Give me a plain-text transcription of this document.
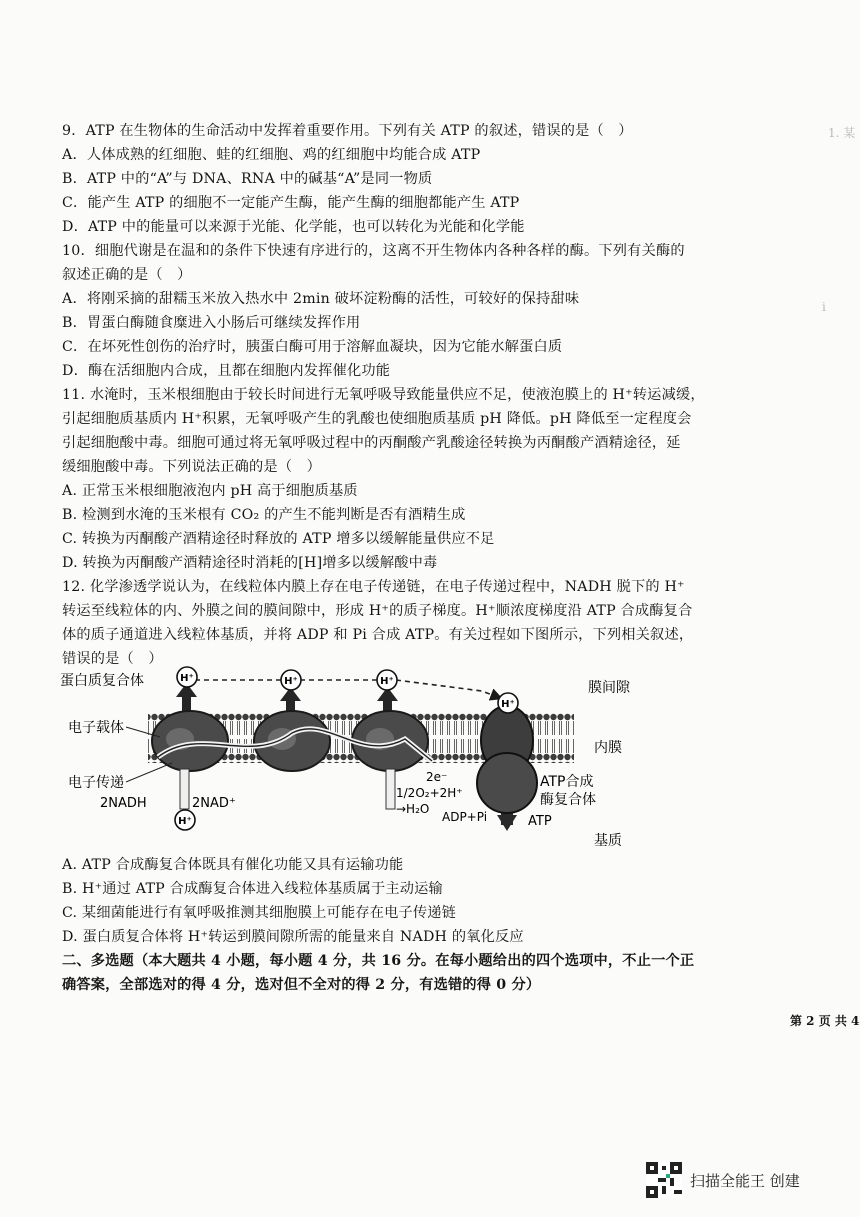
1. 某
ⅰ
9．ATP 在生物体的生命活动中发挥着重要作用。下列有关 ATP 的叙述，错误的是（　）
A．人体成熟的红细胞、蛙的红细胞、鸡的红细胞中均能合成 ATP
B．ATP 中的“A”与 DNA、RNA 中的碱基“A”是同一物质
C．能产生 ATP 的细胞不一定能产生酶，能产生酶的细胞都能产生 ATP
D．ATP 中的能量可以来源于光能、化学能，也可以转化为光能和化学能
10．细胞代谢是在温和的条件下快速有序进行的，这离不开生物体内各种各样的酶。下列有关酶的
叙述正确的是（　）
A．将刚采摘的甜糯玉米放入热水中 2min 破坏淀粉酶的活性，可较好的保持甜味
B．胃蛋白酶随食糜进入小肠后可继续发挥作用
C．在坏死性创伤的治疗时，胰蛋白酶可用于溶解血凝块，因为它能水解蛋白质
D．酶在活细胞内合成，且都在细胞内发挥催化功能
11. 水淹时，玉米根细胞由于较长时间进行无氧呼吸导致能量供应不足，使液泡膜上的 H⁺转运减缓，
引起细胞质基质内 H⁺积累，无氧呼吸产生的乳酸也使细胞质基质 pH 降低。pH 降低至一定程度会
引起细胞酸中毒。细胞可通过将无氧呼吸过程中的丙酮酸产乳酸途径转换为丙酮酸产酒精途径，延
缓细胞酸中毒。下列说法正确的是（　）
A. 正常玉米根细胞液泡内 pH 高于细胞质基质
B. 检测到水淹的玉米根有 CO₂ 的产生不能判断是否有酒精生成
C. 转换为丙酮酸产酒精途径时释放的 ATP 增多以缓解能量供应不足
D. 转换为丙酮酸产酒精途径时消耗的[H]增多以缓解酸中毒
12. 化学渗透学说认为，在线粒体内膜上存在电子传递链，在电子传递过程中，NADH 脱下的 H⁺
转运至线粒体的内、外膜之间的膜间隙中，形成 H⁺的质子梯度。H⁺顺浓度梯度沿 ATP 合成酶复合
体的质子通道进入线粒体基质，并将 ADP 和 Pi 合成 ATP。有关过程如下图所示，下列相关叙述，
错误的是（　）
H⁺	H⁺	H⁺
H⁺
H⁺
蛋白质复合体
电子载体
电子传递
2NADH	2NAD⁺
2e⁻
1/2O₂+2H⁺
→H₂O
ADP+Pi	ATP
ATP合成
酶复合体
膜间隙
内膜
基质
A. ATP 合成酶复合体既具有催化功能又具有运输功能
B. H⁺通过 ATP 合成酶复合体进入线粒体基质属于主动运输
C. 某细菌能进行有氧呼吸推测其细胞膜上可能存在电子传递链
D. 蛋白质复合体将 H⁺转运到膜间隙所需的能量来自 NADH 的氧化反应
二、多选题（本大题共 4 小题，每小题 4 分，共 16 分。在每小题给出的四个选项中，不止一个正
确答案，全部选对的得 4 分，选对但不全对的得 2 分，有选错的得 0 分）
第 2 页 共 4
扫描全能王 创建
